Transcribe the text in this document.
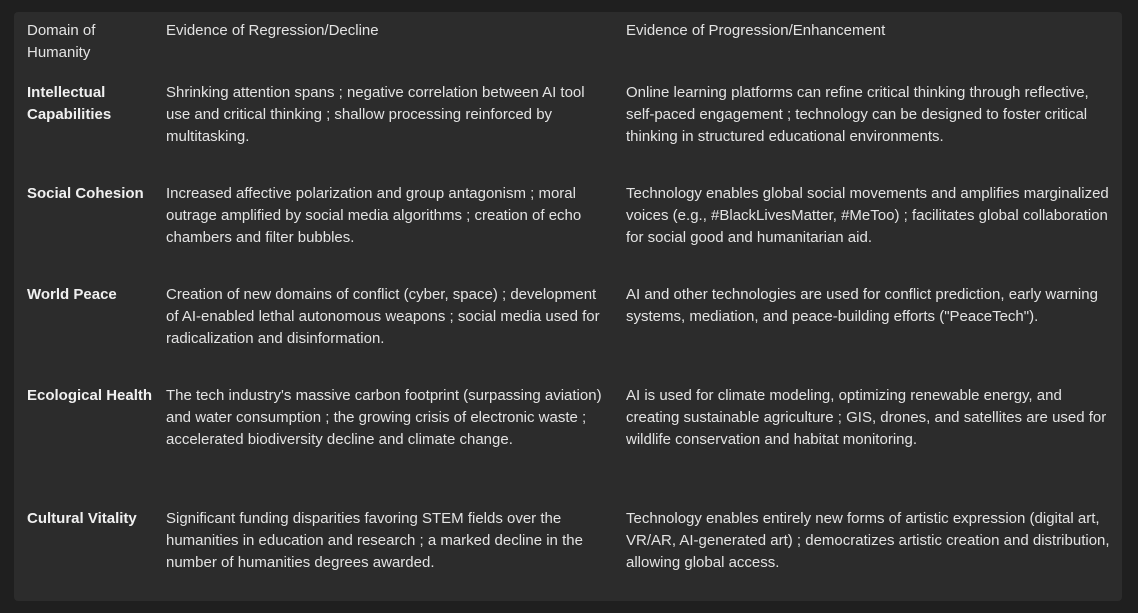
Domain of Humanity	Evidence of Regression/Decline	Evidence of Progression/Enhancement
Intellectual Capabilities	Shrinking attention spans ; negative correlation between AI tool use and critical thinking ; shallow processing reinforced by multitasking.	Online learning platforms can refine critical thinking through reflective, self-paced engagement ; technology can be designed to foster critical thinking in structured educational environments.
Social Cohesion	Increased affective polarization and group antagonism ; moral outrage amplified by social media algorithms ; creation of echo chambers and filter bubbles.	Technology enables global social movements and amplifies marginalized voices (e.g., #BlackLivesMatter, #MeToo) ; facilitates global collaboration for social good and humanitarian aid.
World Peace	Creation of new domains of conflict (cyber, space) ; development of AI-enabled lethal autonomous weapons ; social media used for radicalization and disinformation.	AI and other technologies are used for conflict prediction, early warning systems, mediation, and peace-building efforts ("PeaceTech").
Ecological Health	The tech industry's massive carbon footprint (surpassing aviation) and water consumption ; the growing crisis of electronic waste ; accelerated biodiversity decline and climate change.	AI is used for climate modeling, optimizing renewable energy, and creating sustainable agriculture ; GIS, drones, and satellites are used for wildlife conservation and habitat monitoring.
Cultural Vitality	Significant funding disparities favoring STEM fields over the humanities in education and research ; a marked decline in the number of humanities degrees awarded.	Technology enables entirely new forms of artistic expression (digital art, VR/AR, AI-generated art) ; democratizes artistic creation and distribution, allowing global access.
